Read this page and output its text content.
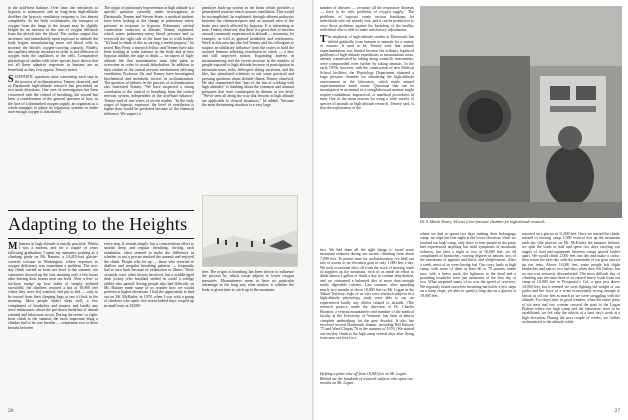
in the acid-base balance. Over time, the sensitivity to hypoxia is attenuated, and in long-term high-altitude dwellers the hypoxic ventilatory response is lost almost completely. As the body acclimatizes, the transport of oxygen from the lungs to the tissues may be slightly helped by an increase in the rate of oxygen diffusion from the alveoli into the blood. The cardiac output also increases, and immediately upon exposure to altitude the body begins manufacturing more red blood cells to increase the blood's oxygen-carrying capacity. Finally, the capillary density increases in order to aid diffusion of oxygen from the capillaries to the cells. Comparative physiological studies with other species have shown that not all these adaptive responses in humans are as beneficial as they first appear, Tenney noted.

SCIENTIFIC questions arise concerning each step in the process of acclimatization, Tenney observed, and at Dartmouth high-altitude research has proceeded on two main directions. One area of investigation has been concerned with the control of breathing; the second has been a consideration of the general question of how, in the face of a diminished oxygen supply, an organism as a whole manages to adjust its regulatory systems to make sure enough oxygen is distributed.

The origin of pulmonary hypertension at high altitude is a specific question currently under investigation at Dartmouth. Tenney and Steven Stone, a medical student, have been looking at the change in pulmonary artery pressure in response to hypoxia. Pulmonary arterial constriction constricts at altitude, Tenney explained, which raises pulmonary-artery blood pressure and so overwork the right side of the heart has to work harder. "It's hard to think of this as serving a useful purpose," he noted. Roy Fenn, a research fellow, and Tenney have also been looking at water balance in the body and at how hypoxia inhibits the urge to drink — an aspect of high-altitude life that mountaineers must take pains to overcome in order to avoid dehydration. In addition to their studies of the central nervous mechanisms affecting ventilation, Professor Ou and Tenney have investigated biochemical and metabolic factors in acclimatization. The question of failures in the process of acclimatization also interested Tenney. "We have suspected a strong correlation to the control of breathing from the central nervous system, independent of the acid-base balance," Tenney said of one series of recent studies. "In the early stages of hypoxic exposure, the level of ventilation is higher than would be predicted because of the chemical influence. We suspect a

primitive back-up system in the brain which provides a generalized reaction which arouses ventilation. This would be accomplished, he explained, through afferent pathways between the chemoreceptors and an aroused area of the brain very much affected by hypoxia. It is interesting to note, Tenney observed, that there is a great deal of nervous arousal commonly experienced at altitude — insomnia, for example, as well as general irritability and restlessness. Work in this area has also led Tenney and his colleagues to suspect an inhibitory influence from the cortex to hold the aroused features affecting ventilation in check — a new and still unproved notion. Expanding interest in mountaineering and the recent increase in the number of people exposed to high altitude because of participation in mountain tours, treks, helicopter skiing vacations, and the like, has stimulated scientists to ask some practical and pressing questions about altitude illness, Tenney observed. He also commented that "part of the fun of working with high altitudes" is thinking about the common and unusual pressures that have counterparts in disease at sea level. "We've seen all along the way that lessons at high altitude are applicable to clinical situations," he added, "because the most threatening situation is a very large

Adapting to the Heights

M Interest in high altitude is mostly practical. Whilst I was a student, and for a couple of years following graduation, I spent my summers working as a climbing guide on Mt. Rainier, a 14,410-foot glacier-covered volcano in Washington, where exposure to oxygen deficiency was sometimes a problem. The two-day climb carried us from sea level to the summit; our customers showed up the first morning only a few hours after leaving their homes near sea level. After a five- or six-hour trudge up four miles of steeply inclined snowfield, the climbers reached a hut at 10,000 feet where they were fed, watered, and put to bed — only to be roused from their sleeping bags at one o'clock in the morning. Most people hadn't slept well, a few complained of headaches and nausea, and hardly any were enthusiastic about the pre-dawn breakfast of instant oatmeal and lukewarm cocoa. During the seven- or eight-hour climb to the summit, the most important thing a climber had to do was breathe — sometimes two or three breaths between

every step. It sounds simple, but a conscientious effort to sustain deep and regular breathing, forcing each exhalation, often seemed to make the difference in whether or not a person reached the summit and enjoyed the climb. People who let up — those who reverted to shallow and irregular breathing patterns — frequently had to turn back because of exhaustion or illness. There certainly were other factors involved, but a middle-aged desk jockey who breathed settled in could a college athlete who panted. Seeing people who had difficulty on Mt. Rainier made some of us wonder how we would perform at higher elevations. I had the opportunity to find out on Mt. McKinley in 1978, when I was with a group of climbers who spent five storm-lashed days cooped up in small tents at 18,000

feet. The origin of breathing has been shown to influence the process by which tissue adjusts to lower oxygen pressures. Mountaineers seem to have no particular advantage in the long run; what matters is whether the body is given time to catch up to the mountain.

26

number of diseases — certainly all the respiratory diseases — have to do with problems of oxygen supply." The problems of hypoxia create serious handicaps for individuals who are already sick, and it can be productive to view those problems against the backdrop of the healthy individual who is able to make satisfactory adjustments.

The emphasis of high-altitude studies at Dartmouth has shifted gradually from humans to animals for a variety of reasons. It used to be, Tenney said, that animal experimentation was limited because the ordinary logistical problems of high-altitude expeditions to mountainous areas, already complicated by taking along scientific instruments, were compounded even further by taking animals. In the early 1970s, however, with the construction of new Medical School facilities, the Physiology Department obtained a large pressure chamber for simulating the high-altitude environment in the laboratory, which made animal experimentation much easier. Questions that can be investigated in an animal in a straightforward manner might require roundabout, impractical, or unethical procedures in man. One of the main reasons for using a wide variety of species of animals in high-altitude research, Tenney said, is that the exploitation of the

Dr. S. Marsh Tenney '44 uses a low-pressure chamber for high-altitude research.

fact. We had done all the right things to avoid acute mountain sickness during our ascent, climbing from about 7,000 feet. To permit time for acclimatization, we held our rate of ascent to an elevation gain of only 1,000 feet a day. We took occasional days off from the work of moving loads of supplies up the mountain, each of us made an effort to drink almost a gallon of fluids a day to combat dehydration, and we consumed a balanced diet of more than enough easily digestible calories. Last summer, after spending nearly two months at about 18,000 feet on Mt. Logan in the Yukon Territory, eight of us who were research subjects in a high-altitude physiology study were able to say we experienced hardly any illness related to altitude. (The research project, under the direction of Dr. Charles Houston, a veteran mountaineer and member of the medical faculty at the University of Vermont, has been at almost complete undertaking for the past decade). It also has involved several Dartmouth alumni, including Bill Briscoe '73 and Ward Chapin '76 in the summer of 1976.) We started our ten-day climb to the high camp several days after flying from near sea level to a

Helping a plane take off from 18,000 feet on Mt. Logan. Behind are the hundreds of research subjects who spent two months on Mt. Logan.

where we had to spend two days making their belongings camp, we slept the first night at the lower elevation. Until we reached our high camp, only three or four people in the party had experienced anything but mild symptoms of mountain sickness, but after a night or two at 18,000 feet, we all complained of headaches, varying degrees of nausea, loss of the sensations of appetite and thirst, and sleeplessness. After a week, most of us were having fun. Our carry loads at high camp, with some of them at least 60 or 70 pounds, made sure, with a heavy pack, the lightness in the head and a pounding headache were just memories of the first day or two. What surprised many of us was the speed of recovery. We regularly found ourselves breathing hard after a few steps on a steep slope, yet able to spend a long day on a glacier at 18,000 feet.

reported on a glacier at 11,000 feet. Once we started the climb, instead of moving camp 1,000 vertical feet up the mountain each day (the practice on Mt. McKinley the summer before), we split the loads in half and spent two days carrying our supply of food and equipment between camps spaced farther apart. We would climb 2,000 feet one day and make a cache, then return the next day with the remainder of our gear and set up our tents. Above 14,000 feet, some people felt slight headaches and one or two had days when they felt listless, but no one was seriously discomforted. The most difficult day of climbing was the time three of us carried heavy loads from our camp at 16,000 feet to Prospector's Col, a pass just above 18,000 feet, but it seemed we were fighting the weight of our packs and the force of a wind occasionally strong enough to knock us off our feet as much as we were struggling with the altitude. Two days later, in good weather, when the entire party of six men and two women crossed the pass to the Logan Plateau where our high camp and the laboratory were to be established, we felt only the effects of a hard day's work at a high elevation. During the next couple of weeks, we further acclimatized to the altitude while

27
